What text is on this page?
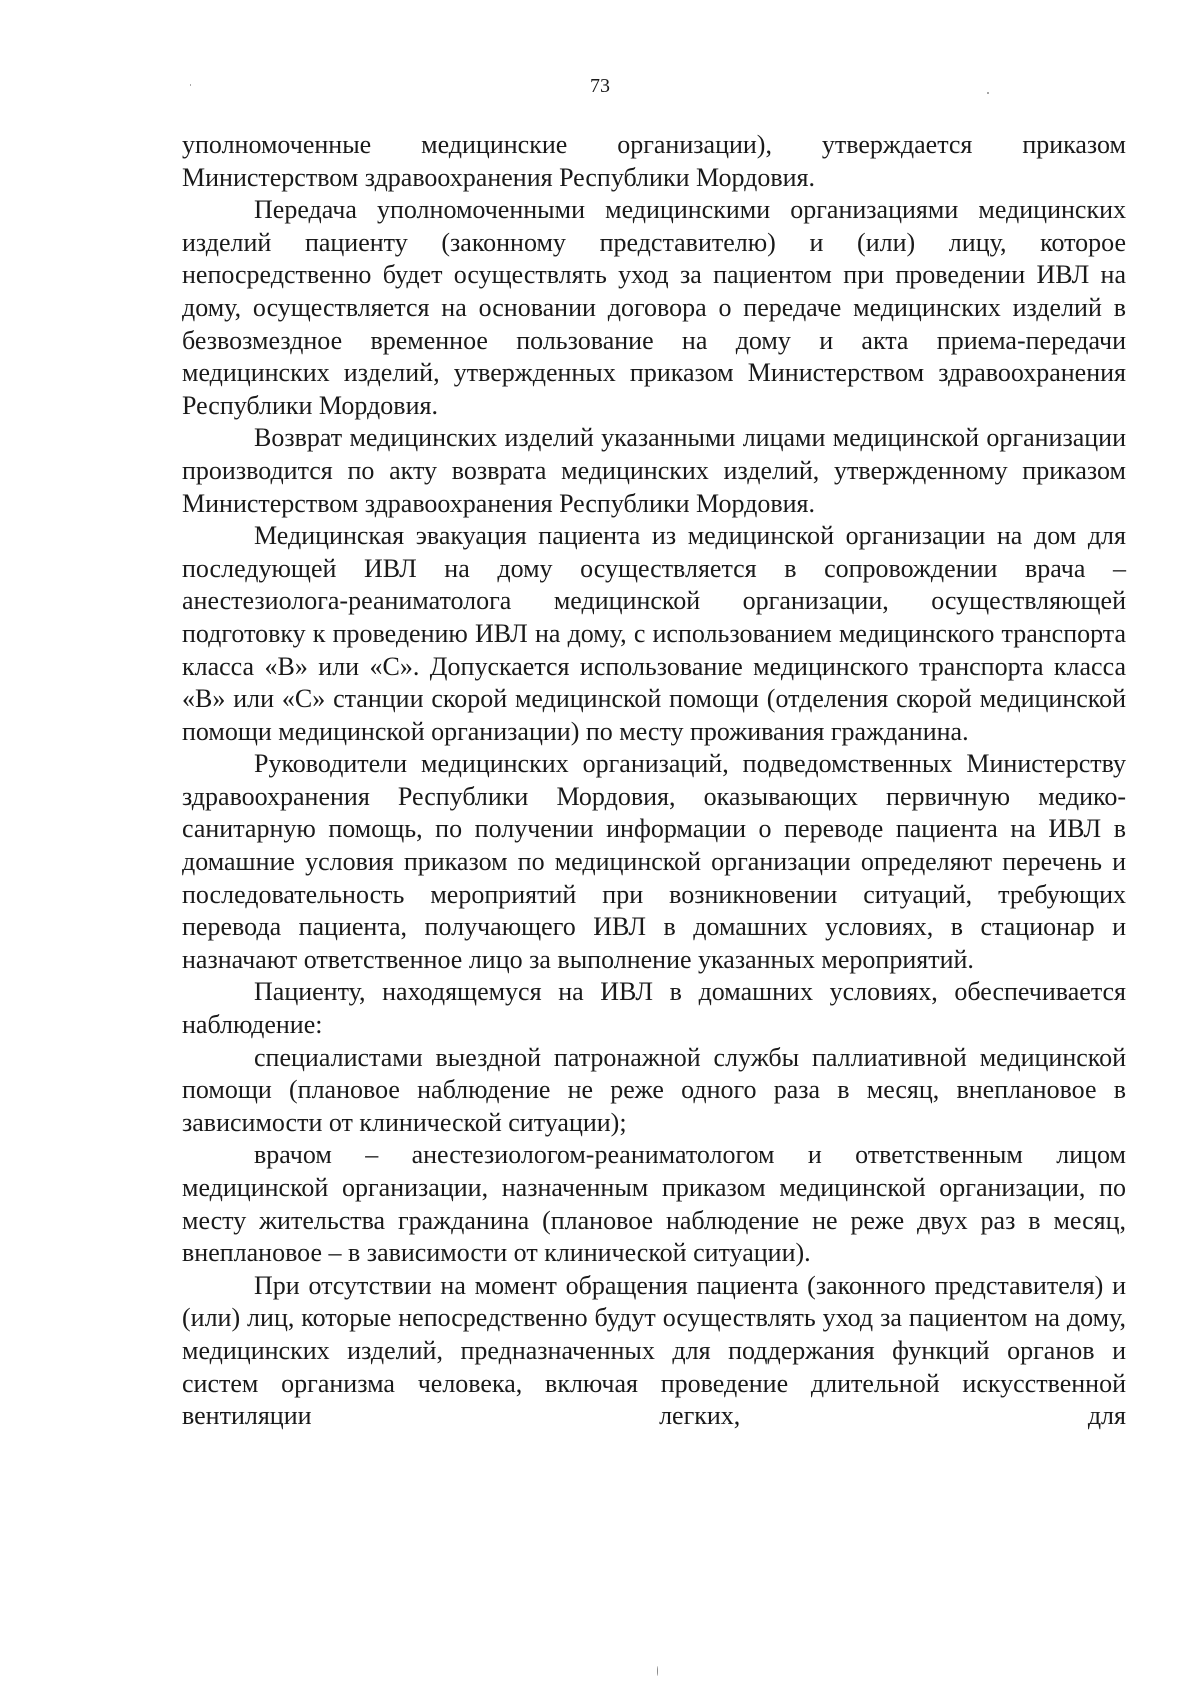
73

уполномоченные медицинские организации), утверждается приказом Министерством здравоохранения Республики Мордовия.

Передача уполномоченными медицинскими организациями медицинских изделий пациенту (законному представителю) и (или) лицу, которое непосредственно будет осуществлять уход за пациентом при проведении ИВЛ на дому, осуществляется на основании договора о передаче медицинских изделий в безвозмездное временное пользование на дому и акта приема-передачи медицинских изделий, утвержденных приказом Министерством здравоохранения Республики Мордовия.

Возврат медицинских изделий указанными лицами медицинской организации производится по акту возврата медицинских изделий, утвержденному приказом Министерством здравоохранения Республики Мордовия.

Медицинская эвакуация пациента из медицинской организации на дом для последующей ИВЛ на дому осуществляется в сопровождении врача – анестезиолога-реаниматолога медицинской организации, осуществляющей подготовку к проведению ИВЛ на дому, с использованием медицинского транспорта класса «В» или «С». Допускается использование медицинского транспорта класса «В» или «С» станции скорой медицинской помощи (отделения скорой медицинской помощи медицинской организации) по месту проживания гражданина.

Руководители медицинских организаций, подведомственных Министерству здравоохранения Республики Мордовия, оказывающих первичную медико-санитарную помощь, по получении информации о переводе пациента на ИВЛ в домашние условия приказом по медицинской организации определяют перечень и последовательность мероприятий при возникновении ситуаций, требующих перевода пациента, получающего ИВЛ в домашних условиях, в стационар и назначают ответственное лицо за выполнение указанных мероприятий.

Пациенту, находящемуся на ИВЛ в домашних условиях, обеспечивается наблюдение:

специалистами выездной патронажной службы паллиативной медицинской помощи (плановое наблюдение не реже одного раза в месяц, внеплановое в зависимости от клинической ситуации);

врачом – анестезиологом-реаниматологом и ответственным лицом медицинской организации, назначенным приказом медицинской организации, по месту жительства гражданина (плановое наблюдение не реже двух раз в месяц, внеплановое – в зависимости от клинической ситуации).

При отсутствии на момент обращения пациента (законного представителя) и (или) лиц, которые непосредственно будут осуществлять уход за пациентом на дому, медицинских изделий, предназначенных для поддержания функций органов и систем организма человека, включая проведение длительной искусственной вентиляции легких, для
